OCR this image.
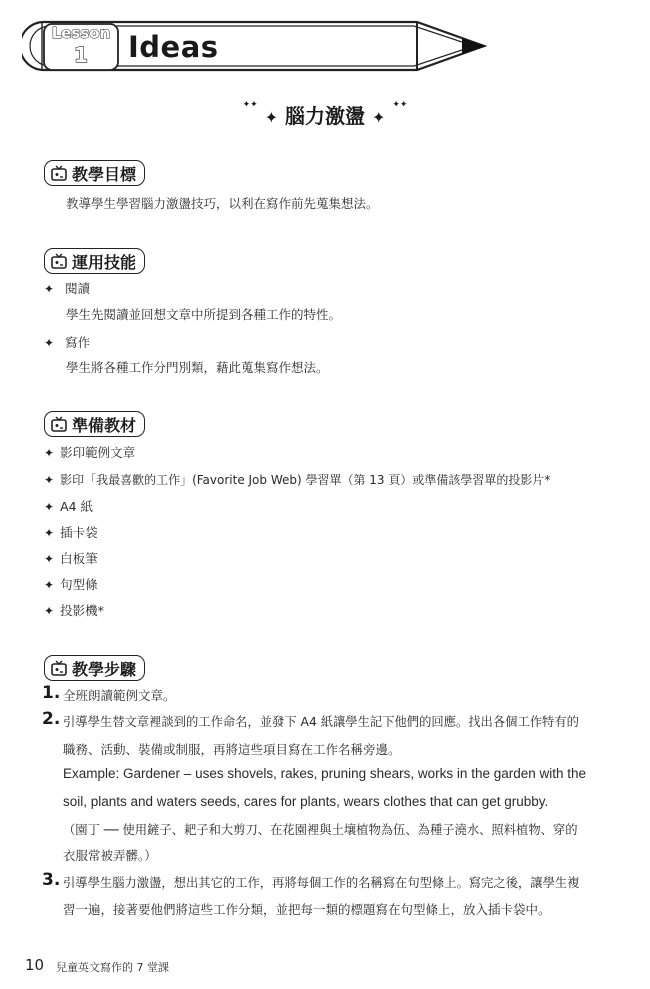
Lesson
1	Ideas
✦✦ ✦ 腦力激盪 ✦ ✦✦
教學目標
教導學生學習腦力激盪技巧，以利在寫作前先蒐集想法。
運用技能
✦ 閱讀
學生先閱讀並回想文章中所提到各種工作的特性。
✦ 寫作
學生將各種工作分門別類，藉此蒐集寫作想法。
準備教材
✦ 影印範例文章
✦ 影印「我最喜歡的工作」(Favorite Job Web) 學習單（第 13 頁）或準備該學習單的投影片*
✦ A4 紙
✦ 插卡袋
✦ 白板筆
✦ 句型條
✦ 投影機*
教學步驟
1. 全班朗讀範例文章。
2. 引導學生替文章裡談到的工作命名，並發下 A4 紙讓學生記下他們的回應。找出各個工作特有的
職務、活動、裝備或制服，再將這些項目寫在工作名稱旁邊。
Example: Gardener – uses shovels, rakes, pruning shears, works in the garden with the
soil, plants and waters seeds, cares for plants, wears clothes that can get grubby.
（園丁 ── 使用鏟子、耙子和大剪刀、在花園裡與土壤植物為伍、為種子澆水、照料植物、穿的
衣服常被弄髒。）
3. 引導學生腦力激盪，想出其它的工作，再將每個工作的名稱寫在句型條上。寫完之後，讓學生複
習一遍，接著要他們將這些工作分類，並把每一類的標題寫在句型條上，放入插卡袋中。
10 兒童英文寫作的 7 堂課
